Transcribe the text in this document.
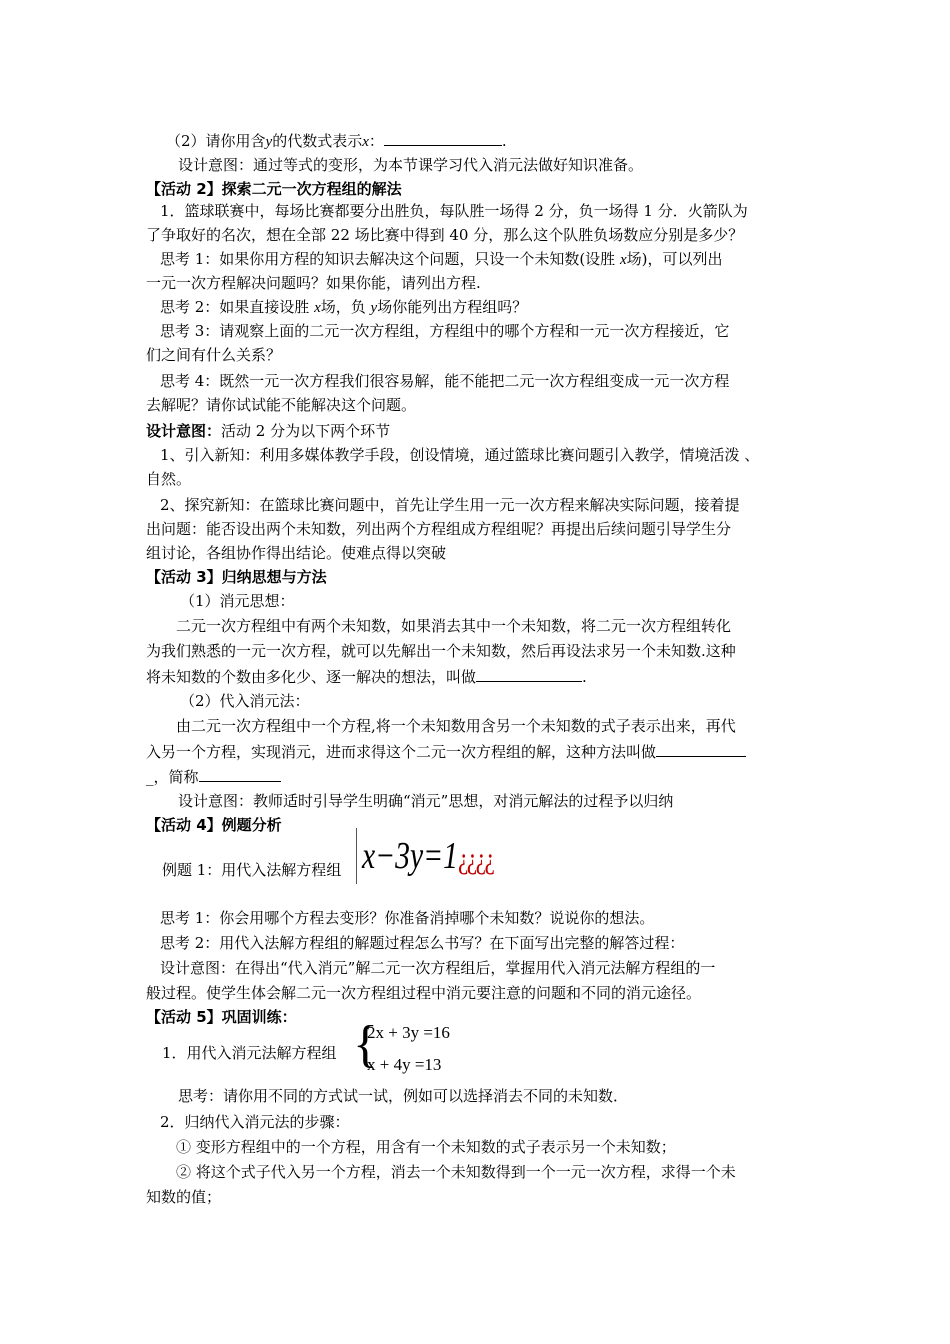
（2）请你用含y的代数式表示x：	.
设计意图：通过等式的变形，为本节课学习代入消元法做好知识准备。
【活动 2】探索二元一次方程组的解法
1．篮球联赛中，每场比赛都要分出胜负，每队胜一场得 2 分，负一场得 1 分．火箭队为
了争取好的名次，想在全部 22 场比赛中得到 40 分，那么这个队胜负场数应分别是多少？
思考 1：如果你用方程的知识去解决这个问题，只设一个未知数(设胜 x场)，可以列出
一元一次方程解决问题吗？如果你能，请列出方程.
思考 2：如果直接设胜 x场，负 y场你能列出方程组吗？
思考 3：请观察上面的二元一次方程组，方程组中的哪个方程和一元一次方程接近，它
们之间有什么关系？
思考 4：既然一元一次方程我们很容易解，能不能把二元一次方程组变成一元一次方程
去解呢？请你试试能不能解决这个问题。
设计意图：活动 2 分为以下两个环节
1、引入新知：利用多媒体教学手段，创设情境，通过篮球比赛问题引入教学，情境活泼 、
自然。
2、探究新知：在篮球比赛问题中，首先让学生用一元一次方程来解决实际问题，接着提
出问题：能否设出两个未知数，列出两个方程组成方程组呢？再提出后续问题引导学生分
组讨论，各组协作得出结论。使难点得以突破
【活动 3】归纳思想与方法
（1）消元思想：
二元一次方程组中有两个未知数，如果消去其中一个未知数，将二元一次方程组转化
为我们熟悉的一元一次方程，就可以先解出一个未知数，然后再设法求另一个未知数.这种
将未知数的个数由多化少、逐一解决的想法，叫做	.
（2）代入消元法：
由二元一次方程组中一个方程,将一个未知数用含另一个未知数的式子表示出来，再代
入另一个方程，实现消元，进而求得这个二元一次方程组的解，这种方法叫做
_，简称
设计意图：教师适时引导学生明确“消元”思想，对消元解法的过程予以归纳
【活动 4】例题分析
例题 1：用代入法解方程组 x−3y=1¿¿¿¿
思考 1：你会用哪个方程去变形？你准备消掉哪个未知数？说说你的想法。
思考 2：用代入法解方程组的解题过程怎么书写？在下面写出完整的解答过程：
设计意图：在得出“代入消元”解二元一次方程组后，掌握用代入消元法解方程组的一
般过程。使学生体会解二元一次方程组过程中消元要注意的问题和不同的消元途径。
【活动 5】巩固训练：
1．用代入消元法解方程组 {
2x + 3y =16
x + 4y =13
思考：请你用不同的方式试一试，例如可以选择消去不同的未知数．
2．归纳代入消元法的步骤：
① 变形方程组中的一个方程，用含有一个未知数的式子表示另一个未知数；
② 将这个式子代入另一个方程，消去一个未知数得到一个一元一次方程，求得一个未
知数的值；
